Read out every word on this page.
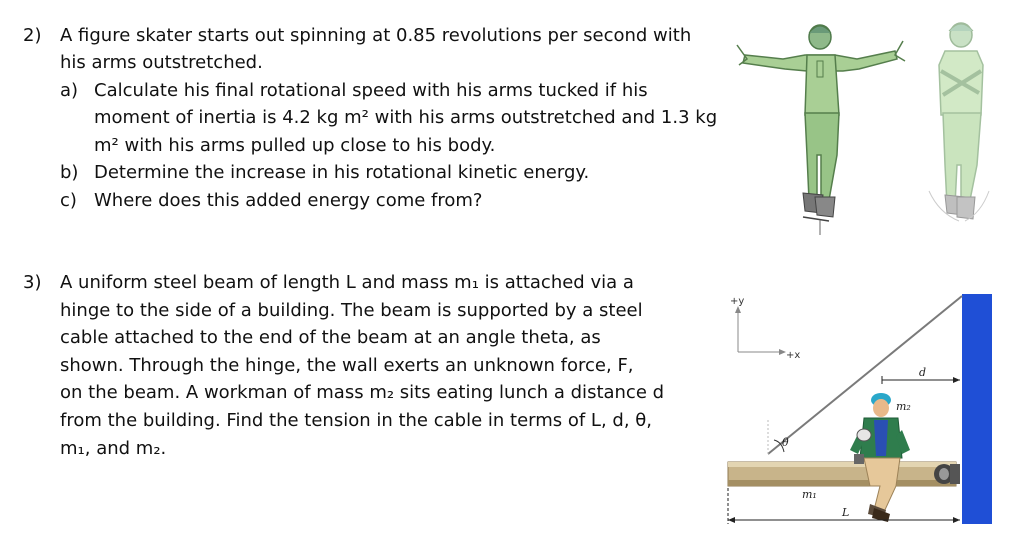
2) A figure skater starts out spinning at 0.85 revolutions per second with
his arms outstretched.
a) Calculate his final rotational speed with his arms tucked if his
moment of inertia is 4.2 kg m² with his arms outstretched and 1.3 kg
m² with his arms pulled up close to his body.
b) Determine the increase in his rotational kinetic energy.
c) Where does this added energy come from?
3) A uniform steel beam of length L and mass m₁ is attached via a
hinge to the side of a building. The beam is supported by a steel
cable attached to the end of the beam at an angle theta, as
shown. Through the hinge, the wall exerts an unknown force, F,
on the beam. A workman of mass m₂ sits eating lunch a distance d
from the building. Find the tension in the cable in terms of L, d, θ,
m₁, and m₂.
+y
+x
θ
d
m₂
m₁
L
